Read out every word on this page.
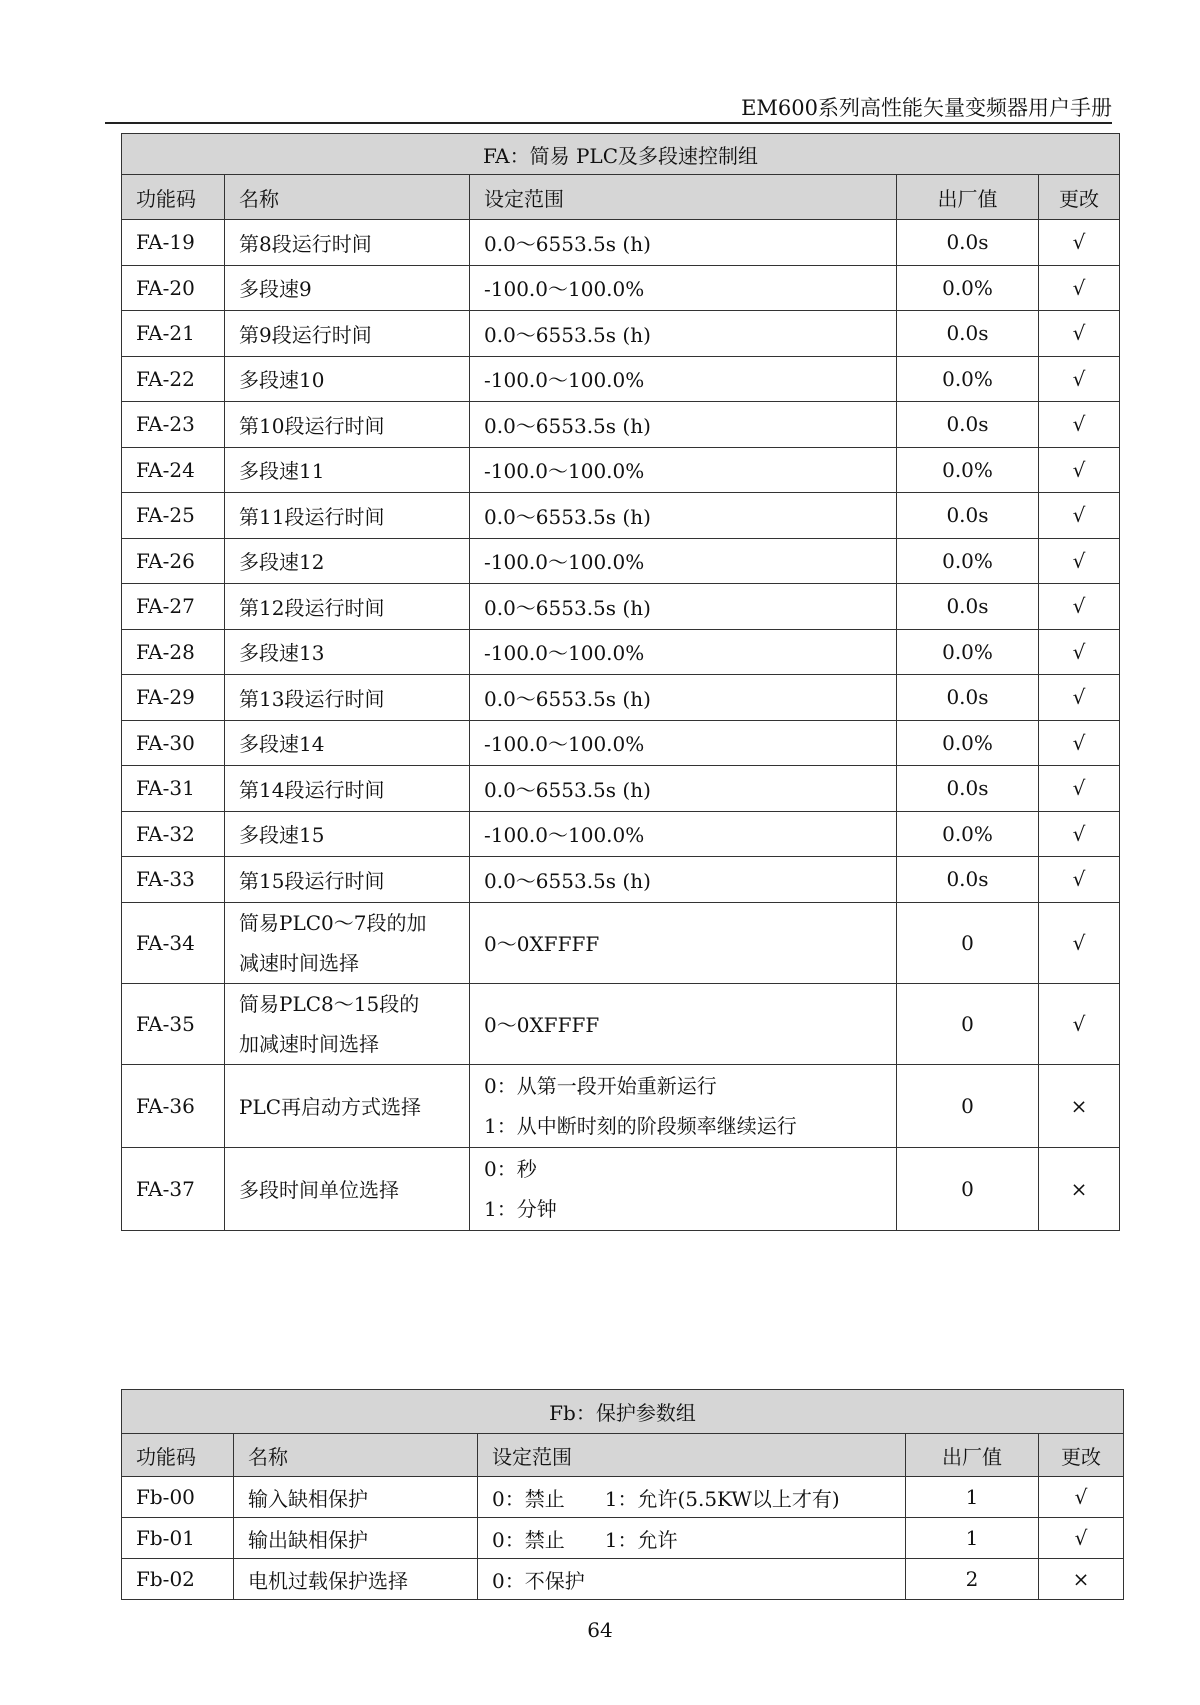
EM600系列高性能矢量变频器用户手册
FA：简易 PLC及多段速控制组				
功能码	名称	设定范围	出厂值	更改
FA-19	第8段运行时间	0.0～6553.5s (h)	0.0s	√
FA-20	多段速9	-100.0～100.0%	0.0%	√
FA-21	第9段运行时间	0.0～6553.5s (h)	0.0s	√
FA-22	多段速10	-100.0～100.0%	0.0%	√
FA-23	第10段运行时间	0.0～6553.5s (h)	0.0s	√
FA-24	多段速11	-100.0～100.0%	0.0%	√
FA-25	第11段运行时间	0.0～6553.5s (h)	0.0s	√
FA-26	多段速12	-100.0～100.0%	0.0%	√
FA-27	第12段运行时间	0.0～6553.5s (h)	0.0s	√
FA-28	多段速13	-100.0～100.0%	0.0%	√
FA-29	第13段运行时间	0.0～6553.5s (h)	0.0s	√
FA-30	多段速14	-100.0～100.0%	0.0%	√
FA-31	第14段运行时间	0.0～6553.5s (h)	0.0s	√
FA-32	多段速15	-100.0～100.0%	0.0%	√
FA-33	第15段运行时间	0.0～6553.5s (h)	0.0s	√
FA-34	简易PLC0～7段的加
减速时间选择	0～0XFFFF	0	√
FA-35	简易PLC8～15段的
加减速时间选择	0～0XFFFF	0	√
FA-36	PLC再启动方式选择	0：从第一段开始重新运行
1：从中断时刻的阶段频率继续运行	0	×
FA-37	多段时间单位选择	0：秒
1：分钟	0	×
Fb：保护参数组				
功能码	名称	设定范围	出厂值	更改
Fb-00	输入缺相保护	0：禁止　　1：允许(5.5KW以上才有)	1	√
Fb-01	输出缺相保护	0：禁止　　1：允许	1	√
Fb-02	电机过载保护选择	0：不保护	2	×
64
